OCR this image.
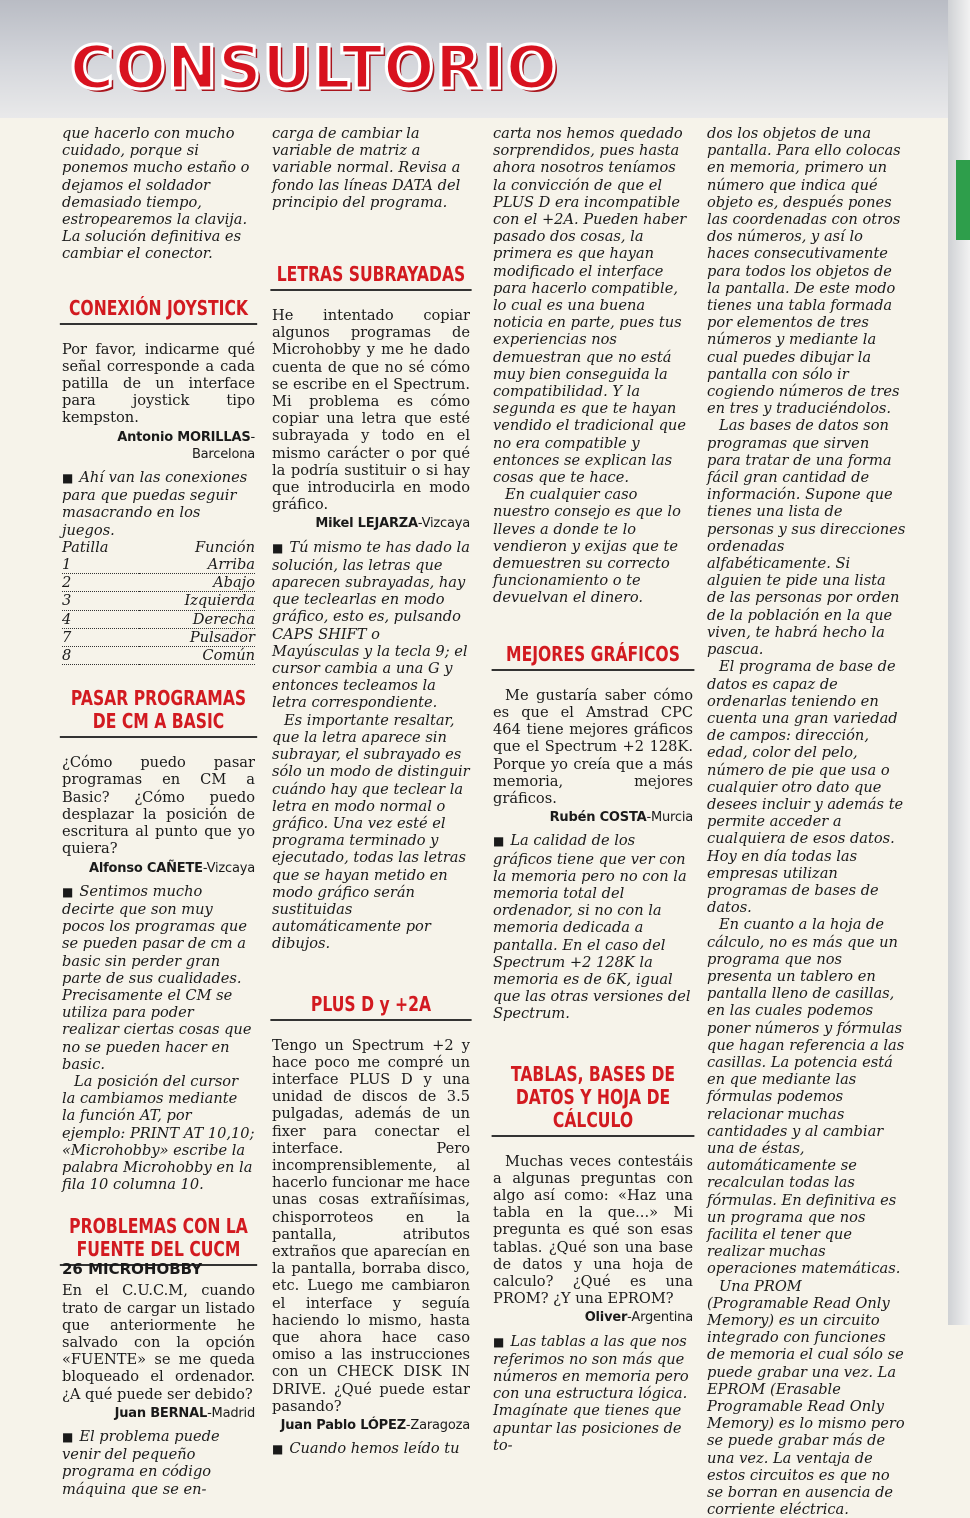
CONSULTORIO

que hacerlo con mucho cuidado, porque si ponemos mucho estaño o dejamos el soldador demasiado tiempo, estropearemos la clavija. La solución definitiva es cambiar el conector.

CONEXIÓN JOYSTICK

Por favor, indicarme qué señal corresponde a cada patilla de un interface para joystick tipo kempston.

Antonio MORILLAS-Barcelona

■ Ahí van las conexiones para que puedas seguir masacrando en los juegos.

Patilla	Función
1	Arriba
2	Abajo
3	Izquierda
4	Derecha
7	Pulsador
8	Común
PASAR PROGRAMAS DE CM A BASIC

¿Cómo puedo pasar programas en CM a Basic? ¿Cómo puedo desplazar la posición de escritura al punto que yo quiera?

Alfonso CAÑETE-Vizcaya

■ Sentimos mucho decirte que son muy pocos los programas que se pueden pasar de cm a basic sin perder gran parte de sus cualidades. Precisamente el CM se utiliza para poder realizar ciertas cosas que no se pueden hacer en basic.

La posición del cursor la cambiamos mediante la función AT, por ejemplo: PRINT AT 10,10; «Microhobby» escribe la palabra Microhobby en la fila 10 columna 10.

PROBLEMAS CON LA FUENTE DEL CUCM

En el C.U.C.M, cuando trato de cargar un listado que anteriormente he salvado con la opción «FUENTE» se me queda bloqueado el ordenador. ¿A qué puede ser debido?

Juan BERNAL-Madrid

■ El problema puede venir del pequeño programa en código máquina que se en-

carga de cambiar la variable de matriz a variable normal. Revisa a fondo las líneas DATA del principio del programa.

LETRAS SUBRAYADAS

He intentado copiar algunos programas de Microhobby y me he dado cuenta de que no sé cómo se escribe en el Spectrum. Mi problema es cómo copiar una letra que esté subrayada y todo en el mismo carácter o por qué la podría sustituir o si hay que introducirla en modo gráfico.

Mikel LEJARZA-Vizcaya

■ Tú mismo te has dado la solución, las letras que aparecen subrayadas, hay que teclearlas en modo gráfico, esto es, pulsando CAPS SHIFT o Mayúsculas y la tecla 9; el cursor cambia a una G y entonces tecleamos la letra correspondiente.

Es importante resaltar, que la letra aparece sin subrayar, el subrayado es sólo un modo de distinguir cuándo hay que teclear la letra en modo normal o gráfico. Una vez esté el programa terminado y ejecutado, todas las letras que se hayan metido en modo gráfico serán sustituidas automáticamente por dibujos.

PLUS D y +2A

Tengo un Spectrum +2 y hace poco me compré un interface PLUS D y una unidad de discos de 3.5 pulgadas, además de un fixer para conectar el interface. Pero incomprensiblemente, al hacerlo funcionar me hace unas cosas extrañísimas, chisporroteos en la pantalla, atributos extraños que aparecían en la pantalla, borraba disco, etc. Luego me cambiaron el interface y seguía haciendo lo mismo, hasta que ahora hace caso omiso a las instrucciones con un CHECK DISK IN DRIVE. ¿Qué puede estar pasando?

Juan Pablo LÓPEZ-Zaragoza

■ Cuando hemos leído tu

carta nos hemos quedado sorprendidos, pues hasta ahora nosotros teníamos la convicción de que el PLUS D era incompatible con el +2A. Pueden haber pasado dos cosas, la primera es que hayan modificado el interface para hacerlo compatible, lo cual es una buena noticia en parte, pues tus experiencias nos demuestran que no está muy bien conseguida la compatibilidad. Y la segunda es que te hayan vendido el tradicional que no era compatible y entonces se explican las cosas que te hace.

En cualquier caso nuestro consejo es que lo lleves a donde te lo vendieron y exijas que te demuestren su correcto funcionamiento o te devuelvan el dinero.

MEJORES GRÁFICOS

Me gustaría saber cómo es que el Amstrad CPC 464 tiene mejores gráficos que el Spectrum +2 128K. Porque yo creía que a más memoria, mejores gráficos.

Rubén COSTA-Murcia

■ La calidad de los gráficos tiene que ver con la memoria pero no con la memoria total del ordenador, si no con la memoria dedicada a pantalla. En el caso del Spectrum +2 128K la memoria es de 6K, igual que las otras versiones del Spectrum.

TABLAS, BASES DE DATOS Y HOJA DE CÁLCULO

Muchas veces contestáis a algunas preguntas con algo así como: «Haz una tabla en la que...» Mi pregunta es qué son esas tablas. ¿Qué son una base de datos y una hoja de calculo? ¿Qué es una PROM? ¿Y una EPROM?

Oliver-Argentina

■ Las tablas a las que nos referimos no son más que números en memoria pero con una estructura lógica. Imagínate que tienes que apuntar las posiciones de to-

dos los objetos de una pantalla. Para ello colocas en memoria, primero un número que indica qué objeto es, después pones las coordenadas con otros dos números, y así lo haces consecutivamente para todos los objetos de la pantalla. De este modo tienes una tabla formada por elementos de tres números y mediante la cual puedes dibujar la pantalla con sólo ir cogiendo números de tres en tres y traduciéndolos.

Las bases de datos son programas que sirven para tratar de una forma fácil gran cantidad de información. Supone que tienes una lista de personas y sus direcciones ordenadas alfabéticamente. Si alguien te pide una lista de las personas por orden de la población en la que viven, te habrá hecho la pascua.

El programa de base de datos es capaz de ordenarlas teniendo en cuenta una gran variedad de campos: dirección, edad, color del pelo, número de pie que usa o cualquier otro dato que desees incluir y además te permite acceder a cualquiera de esos datos. Hoy en día todas las empresas utilizan programas de bases de datos.

En cuanto a la hoja de cálculo, no es más que un programa que nos presenta un tablero en pantalla lleno de casillas, en las cuales podemos poner números y fórmulas que hagan referencia a las casillas. La potencia está en que mediante las fórmulas podemos relacionar muchas cantidades y al cambiar una de éstas, automáticamente se recalculan todas las fórmulas. En definitiva es un programa que nos facilita el tener que realizar muchas operaciones matemáticas.

Una PROM (Programable Read Only Memory) es un circuito integrado con funciones de memoria el cual sólo se puede grabar una vez. La EPROM (Erasable Programable Read Only Memory) es lo mismo pero se puede grabar más de una vez. La ventaja de estos circuitos es que no se borran en ausencia de corriente eléctrica.

26 MICROHOBBY
